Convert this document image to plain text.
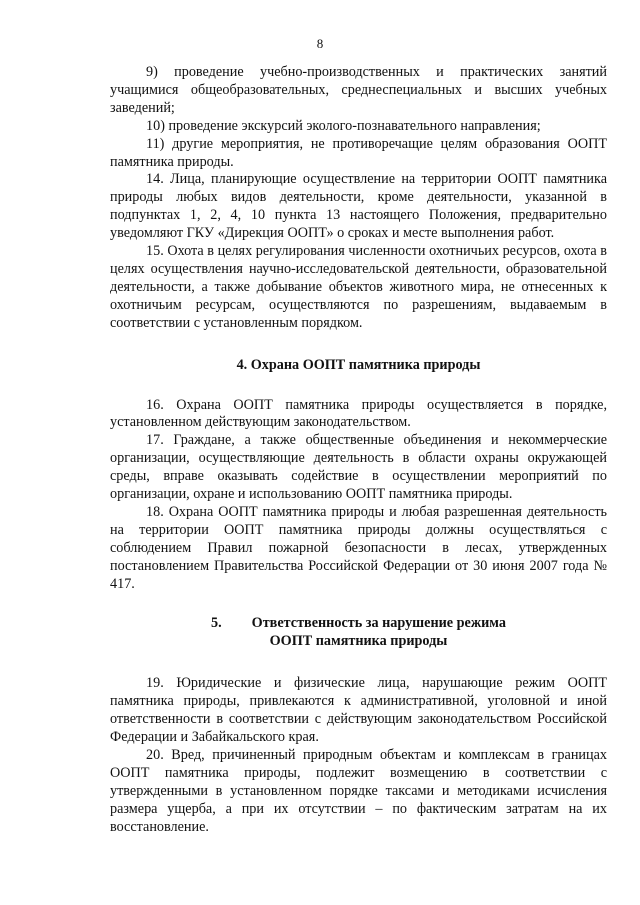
8

9) проведение учебно-производственных и практических занятий учащимися общеобразовательных, среднеспециальных и высших учебных заведений;

10) проведение экскурсий эколого-познавательного направления;

11) другие мероприятия, не противоречащие целям образования ООПТ памятника природы.

14. Лица, планирующие осуществление на территории ООПТ памятника природы любых видов деятельности, кроме деятельности, указанной в подпунктах 1, 2, 4, 10 пункта 13 настоящего Положения, предварительно уведомляют ГКУ «Дирекция ООПТ» о сроках и месте выполнения работ.

15. Охота в целях регулирования численности охотничьих ресурсов, охота в целях осуществления научно-исследовательской деятельности, образовательной деятельности, а также добывание объектов животного мира, не отнесенных к охотничьим ресурсам, осуществляются по разрешениям, выдаваемым в соответствии с установленным порядком.

4. Охрана ООПТ памятника природы

16. Охрана ООПТ памятника природы осуществляется в порядке, установленном действующим законодательством.

17. Граждане, а также общественные объединения и некоммерческие организации, осуществляющие деятельность в области охраны окружающей среды, вправе оказывать содействие в осуществлении мероприятий по организации, охране и использованию ООПТ памятника природы.

18. Охрана ООПТ памятника природы и любая разрешенная деятельность на территории ООПТ памятника природы должны осуществляться с соблюдением Правил пожарной безопасности в лесах, утвержденных постановлением Правительства Российской Федерации от 30 июня 2007 года № 417.

5. Ответственность за нарушение режима
ООПТ памятника природы

19. Юридические и физические лица, нарушающие режим ООПТ памятника природы, привлекаются к административной, уголовной и иной ответственности в соответствии с действующим законодательством Российской Федерации и Забайкальского края.

20. Вред, причиненный природным объектам и комплексам в границах ООПТ памятника природы, подлежит возмещению в соответствии с утвержденными в установленном порядке таксами и методиками исчисления размера ущерба, а при их отсутствии – по фактическим затратам на их восстановление.
